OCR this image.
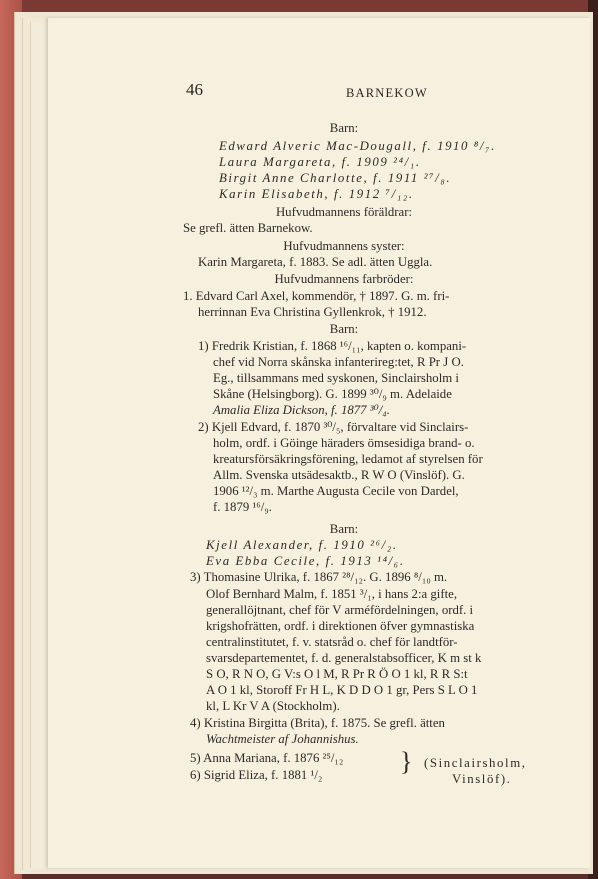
46	BARNEKOW
Barn:
Edward Alveric Mac-Dougall, f. 1910 ⁸/₇.
Laura Margareta, f. 1909 ²⁴/₁.
Birgit Anne Charlotte, f. 1911 ²⁷/₈.
Karin Elisabeth, f. 1912 ⁷/₁₂.
Hufvudmannens föräldrar:
Se grefl. ätten Barnekow.
Hufvudmannens syster:
Karin Margareta, f. 1883. Se adl. ätten Uggla.
Hufvudmannens farbröder:
1. Edvard Carl Axel, kommendör, † 1897. G. m. fri-
herrinnan Eva Christina Gyllenkrok, † 1912.
Barn:
1) Fredrik Kristian, f. 1868 ¹⁶/₁₁, kapten o. kompani-
chef vid Norra skånska infanterireg:tet, R Pr J O.
Eg., tillsammans med syskonen, Sinclairsholm i
Skåne (Helsingborg). G. 1899 ³⁰/₉ m. Adelaide
Amalia Eliza Dickson, f. 1877 ³⁰/₄.
2) Kjell Edvard, f. 1870 ³⁰/₅, förvaltare vid Sinclairs-
holm, ordf. i Göinge häraders ömsesidiga brand- o.
kreatursförsäkringsförening, ledamot af styrelsen för
Allm. Svenska utsädesaktb., R W O (Vinslöf). G.
1906 ¹²/₃ m. Marthe Augusta Cecile von Dardel,
f. 1879 ¹⁶/₉.
Barn:
Kjell Alexander, f. 1910 ²⁶/₂.
Eva Ebba Cecile, f. 1913 ¹⁴/₆.
3) Thomasine Ulrika, f. 1867 ²⁸/₁₂. G. 1896 ⁸/₁₀ m.
Olof Bernhard Malm, f. 1851 ³/₁, i hans 2:a gifte,
generallöjtnant, chef för V arméfördelningen, ordf. i
krigshofrätten, ordf. i direktionen öfver gymnastiska
centralinstitutet, f. v. statsråd o. chef för landtför-
svarsdepartementet, f. d. generalstabsofficer, K m st k
S O, R N O, G V:s O l M, R Pr R Ö O 1 kl, R R S:t
A O 1 kl, Storoff Fr H L, K D D O 1 gr, Pers S L O 1
kl, L Kr V A (Stockholm).
4) Kristina Birgitta (Brita), f. 1875. Se grefl. ätten
Wachtmeister af Johannishus.
5) Anna Mariana, f. 1876 ²⁵/₁₂
6) Sigrid Eliza, f. 1881 ¹/₂	} (Sinclairsholm,
Vinslöf).
